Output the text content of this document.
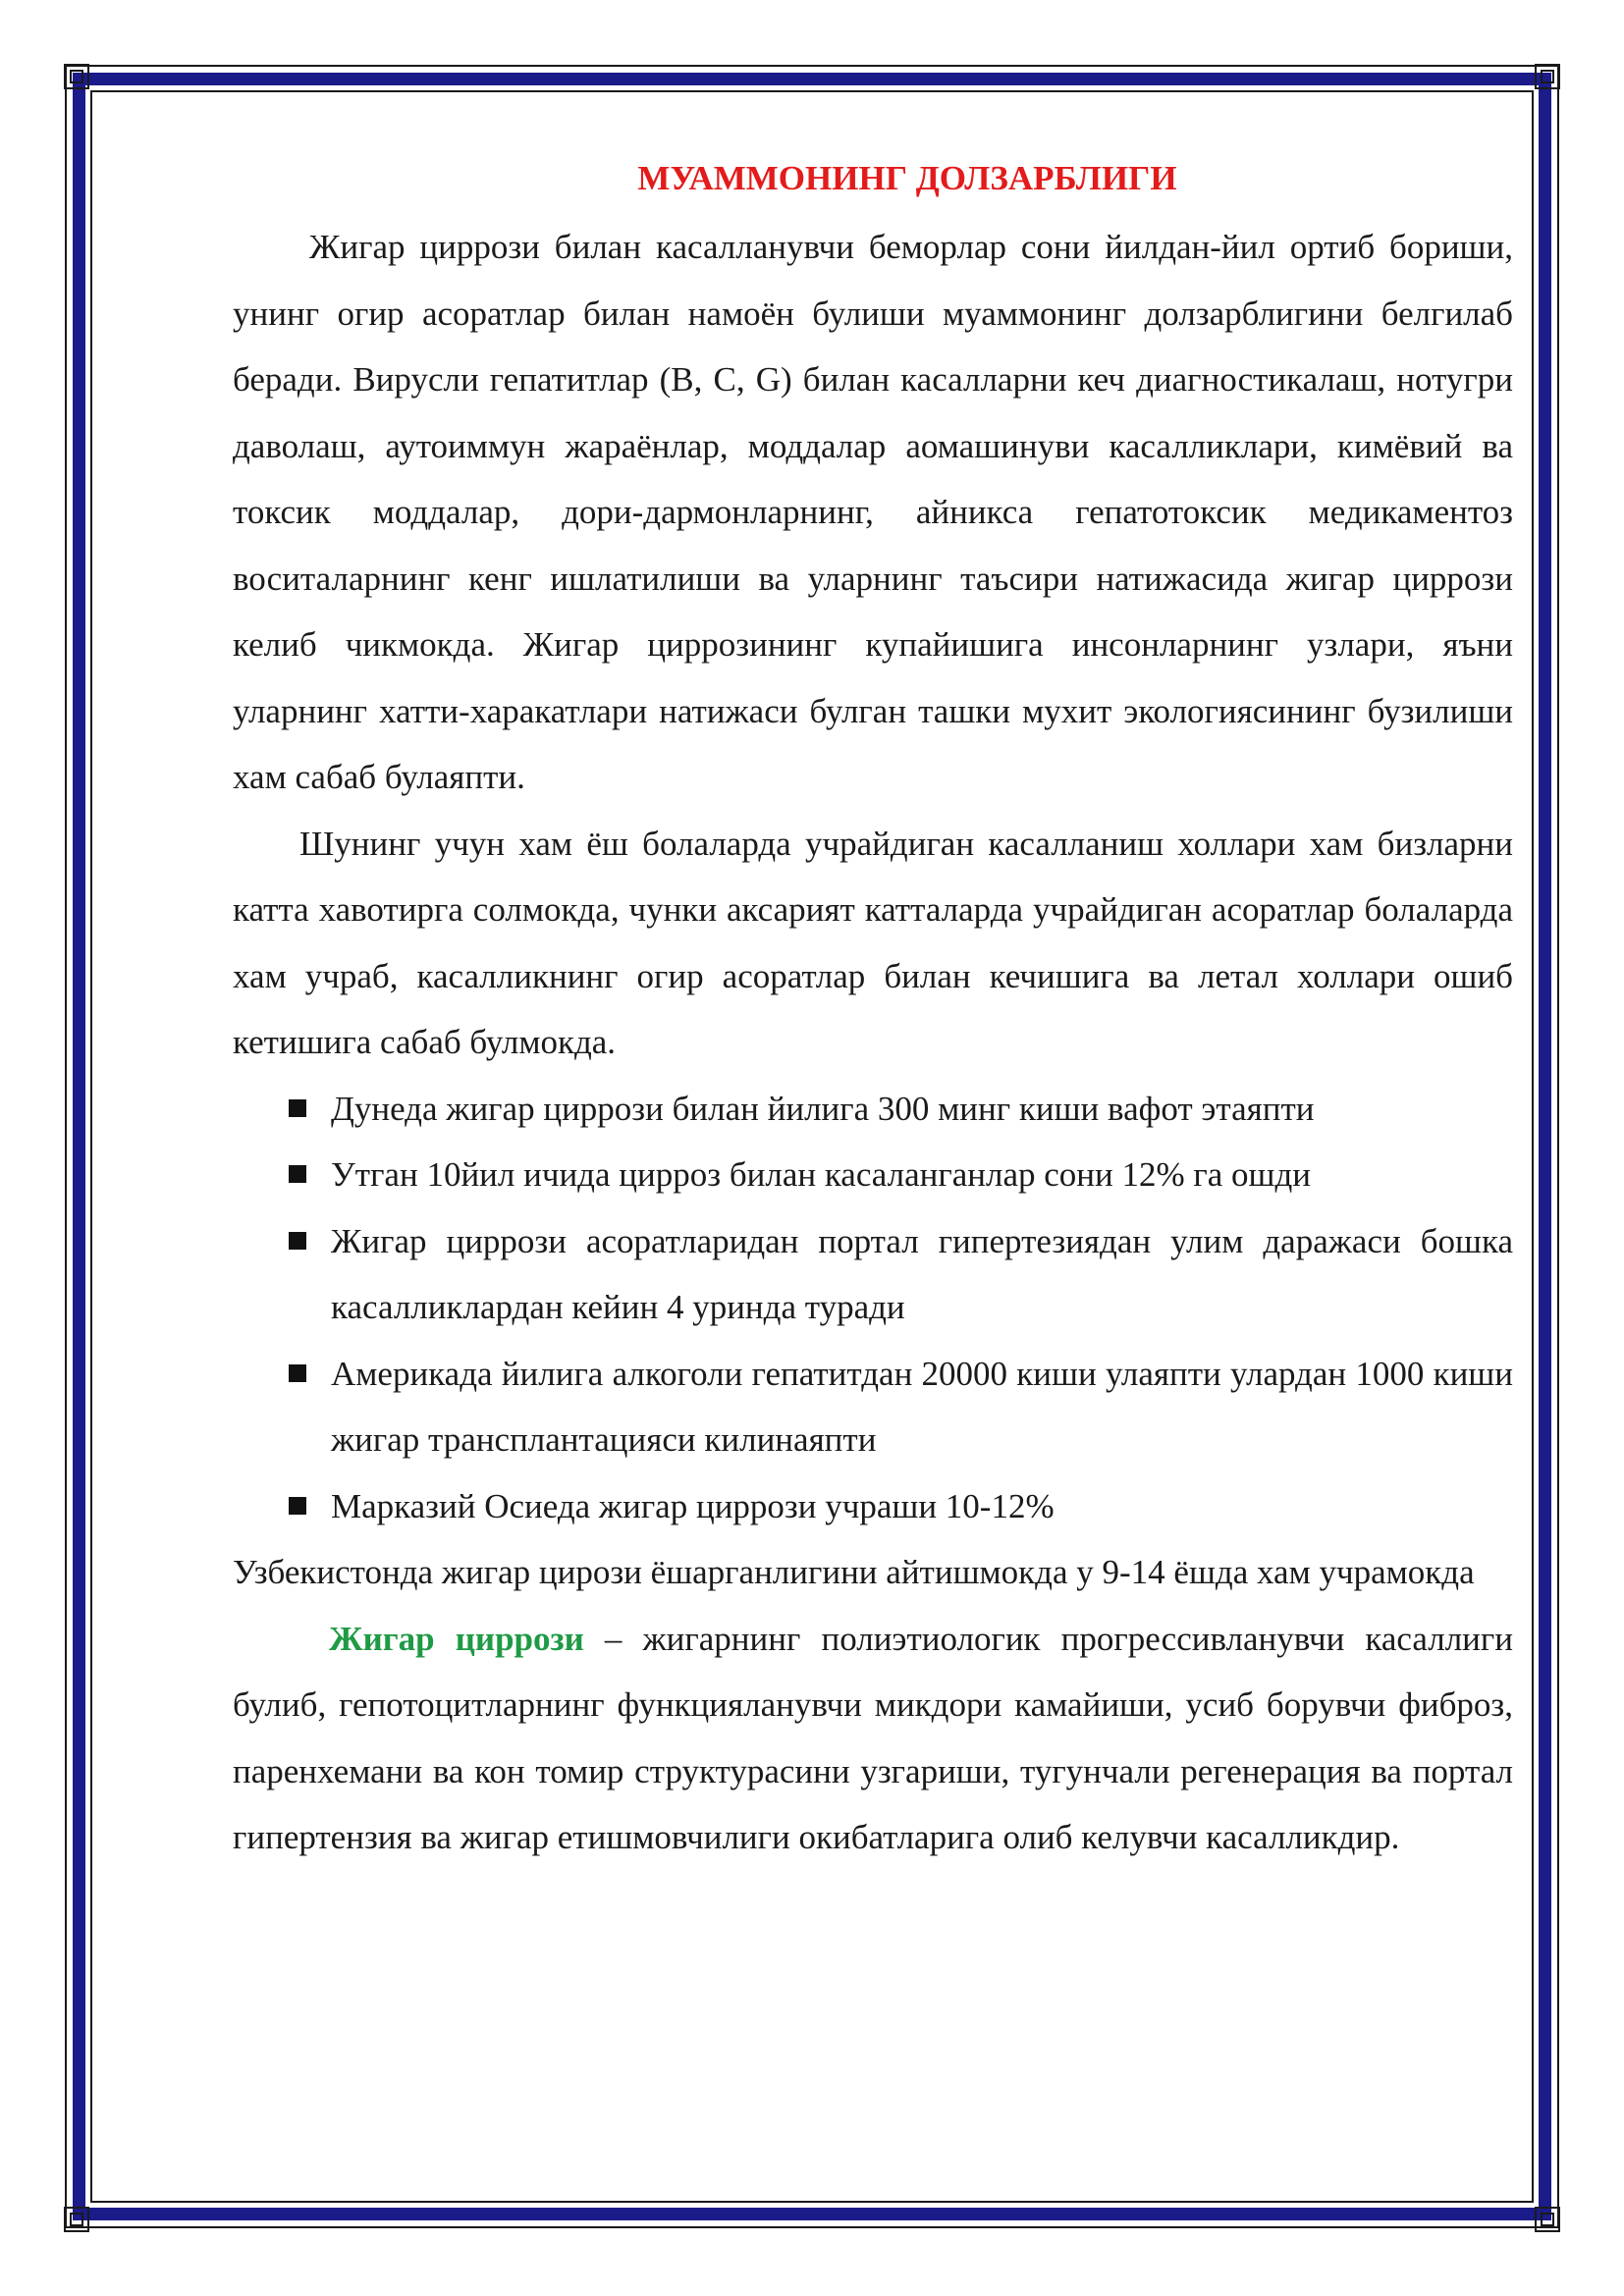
МУАММОНИНГ ДОЛЗАРБЛИГИ

Жигар циррози билан касалланувчи беморлар сони йилдан-йил ортиб бориши, унинг огир асоратлар билан намоён булиши муаммонинг долзарблигини белгилаб беради. Вирусли гепатитлар (В, С, G) билан касалларни кеч диагностикалаш, нотугри даволаш, аутоиммун жараёнлар, моддалар аомашинуви касалликлари, кимёвий ва токсик моддалар, дори-дармонларнинг, айникса гепатотоксик медикаментоз воситаларнинг кенг ишлатилиши ва уларнинг таъсири натижасида жигар циррози келиб чикмокда. Жигар циррозининг купайишига инсонларнинг узлари, яъни уларнинг хатти-харакатлари натижаси булган ташки мухит экологиясининг бузилиши хам сабаб булаяпти.

Шунинг учун хам ёш болаларда учрайдиган касалланиш холлари хам бизларни катта хавотирга солмокда, чунки аксарият катталарда учрайдиган асоратлар болаларда хам учраб, касалликнинг огир асоратлар билан кечишига ва летал холлари ошиб кетишига сабаб булмокда.

Дунеда жигар циррози билан йилига 300 минг киши вафот этаяпти
Утган 10йил ичида цирроз билан касаланганлар сони 12% га ошди
Жигар циррози асоратларидан портал гипертезиядан улим даражаси бошка касалликлардан кейин 4 уринда туради
Америкада йилига алкоголи гепатитдан 20000 киши улаяпти улардан 1000 киши жигар трансплантацияси килинаяпти
Марказий Осиеда жигар циррози учраши 10-12%

Узбекистонда жигар цирози ёшарганлигини айтишмокда у 9-14 ёшда хам учрамокда

Жигар циррози – жигарнинг полиэтиологик прогрессивланувчи касаллиги булиб, гепотоцитларнинг функцияланувчи микдори камайиши, усиб борувчи фиброз, паренхемани ва кон томир структурасини узгариши, тугунчали регенерация ва портал гипертензия ва жигар етишмовчилиги окибатларига олиб келувчи касалликдир.
